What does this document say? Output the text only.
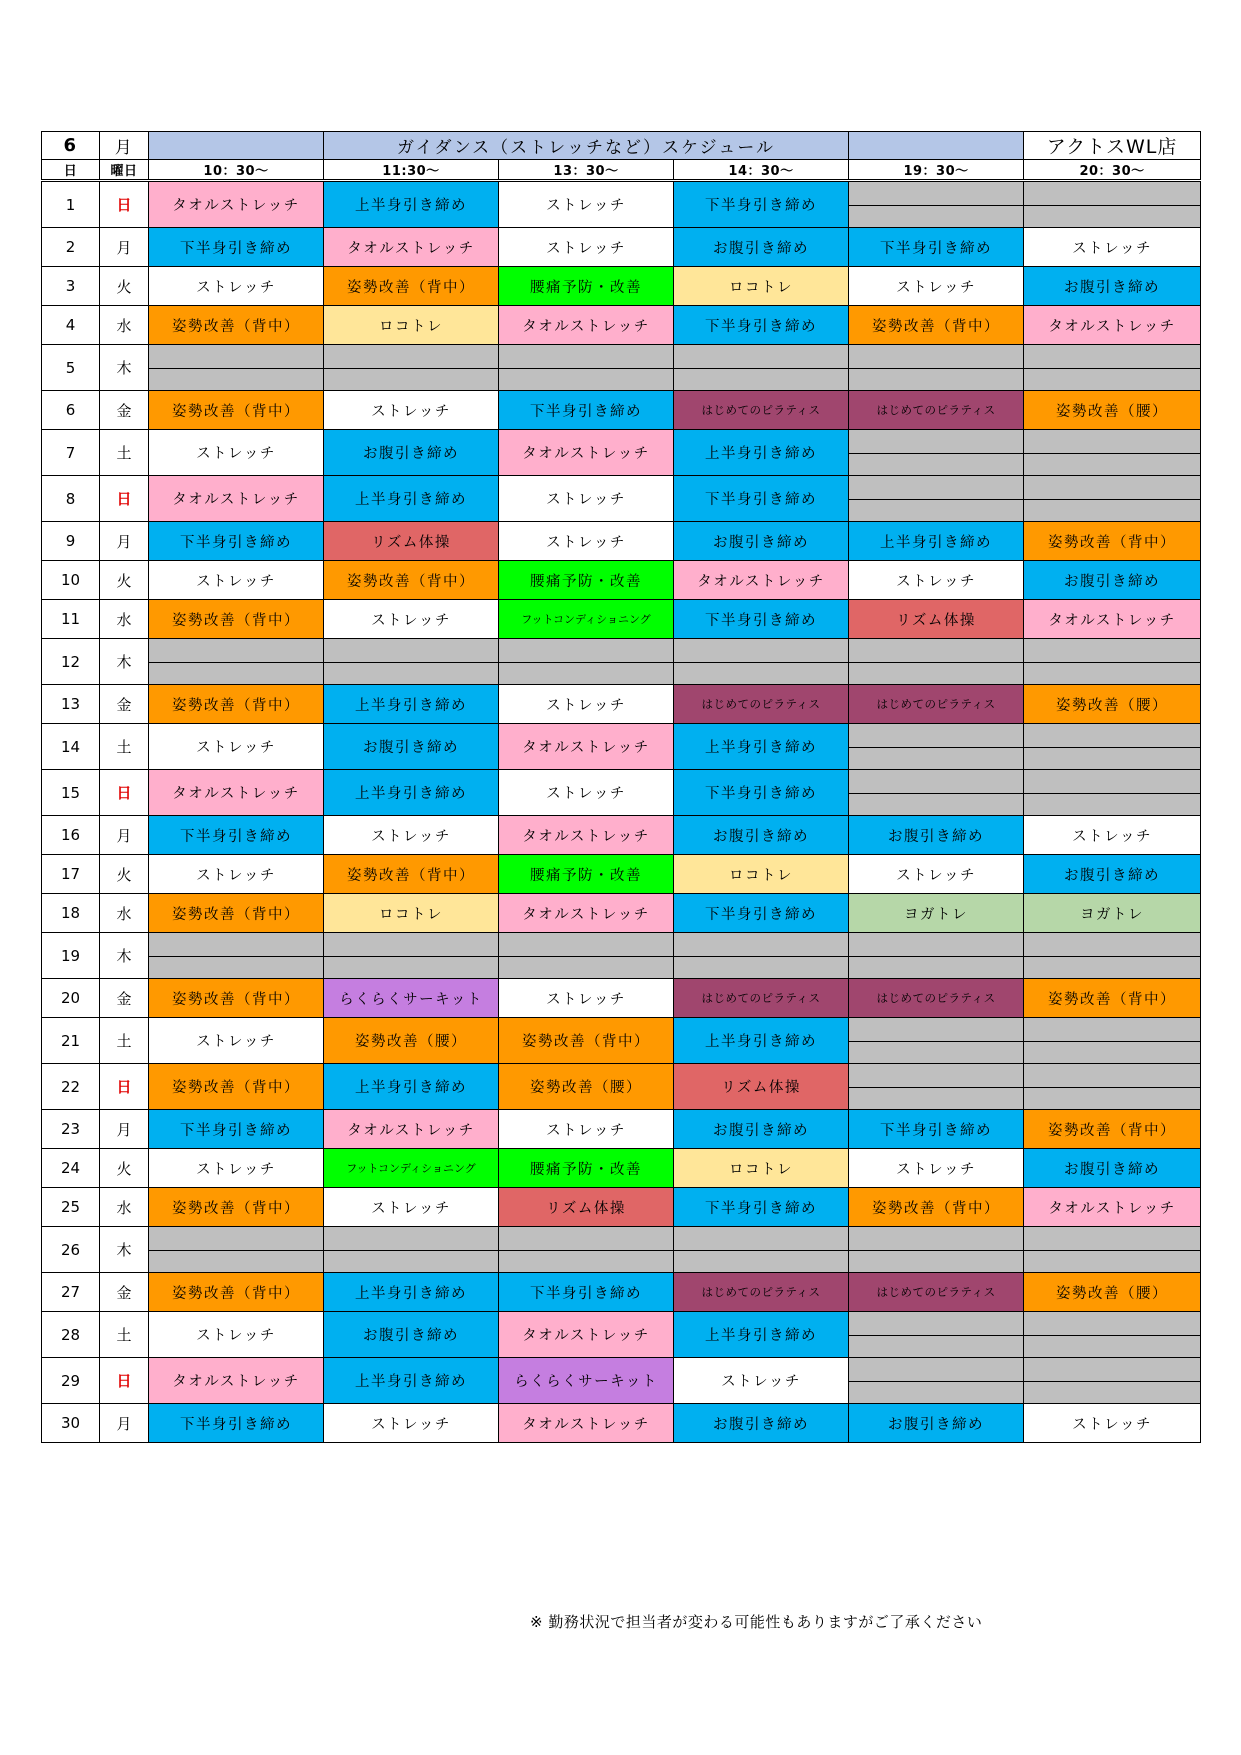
6	月		ガイダンス（ストレッチなど）スケジュール				アクトスWL店
日	曜日	10：30～	11:30～	13：30～	14：30～	19：30～	20：30～
1	日	タオルストレッチ	上半身引き締め	ストレッチ	下半身引き締め	

2	月	下半身引き締め	タオルストレッチ	ストレッチ	お腹引き締め	下半身引き締め	ストレッチ
3	火	ストレッチ	姿勢改善（背中）	腰痛予防・改善	ロコトレ	ストレッチ	お腹引き締め
4	水	姿勢改善（背中）	ロコトレ	タオルストレッチ	下半身引き締め	姿勢改善（背中）	タオルストレッチ
5	木	

6	金	姿勢改善（背中）	ストレッチ	下半身引き締め	はじめてのピラティス	はじめてのピラティス	姿勢改善（腰）
7	土	ストレッチ	お腹引き締め	タオルストレッチ	上半身引き締め	

8	日	タオルストレッチ	上半身引き締め	ストレッチ	下半身引き締め	

9	月	下半身引き締め	リズム体操	ストレッチ	お腹引き締め	上半身引き締め	姿勢改善（背中）
10	火	ストレッチ	姿勢改善（背中）	腰痛予防・改善	タオルストレッチ	ストレッチ	お腹引き締め
11	水	姿勢改善（背中）	ストレッチ	フットコンディショニング	下半身引き締め	リズム体操	タオルストレッチ
12	木	

13	金	姿勢改善（背中）	上半身引き締め	ストレッチ	はじめてのピラティス	はじめてのピラティス	姿勢改善（腰）
14	土	ストレッチ	お腹引き締め	タオルストレッチ	上半身引き締め	

15	日	タオルストレッチ	上半身引き締め	ストレッチ	下半身引き締め	

16	月	下半身引き締め	ストレッチ	タオルストレッチ	お腹引き締め	お腹引き締め	ストレッチ
17	火	ストレッチ	姿勢改善（背中）	腰痛予防・改善	ロコトレ	ストレッチ	お腹引き締め
18	水	姿勢改善（背中）	ロコトレ	タオルストレッチ	下半身引き締め	ヨガトレ	ヨガトレ
19	木	

20	金	姿勢改善（背中）	らくらくサーキット	ストレッチ	はじめてのピラティス	はじめてのピラティス	姿勢改善（背中）
21	土	ストレッチ	姿勢改善（腰）	姿勢改善（背中）	上半身引き締め	

22	日	姿勢改善（背中）	上半身引き締め	姿勢改善（腰）	リズム体操	

23	月	下半身引き締め	タオルストレッチ	ストレッチ	お腹引き締め	下半身引き締め	姿勢改善（背中）
24	火	ストレッチ	フットコンディショニング	腰痛予防・改善	ロコトレ	ストレッチ	お腹引き締め
25	水	姿勢改善（背中）	ストレッチ	リズム体操	下半身引き締め	姿勢改善（背中）	タオルストレッチ
26	木	

27	金	姿勢改善（背中）	上半身引き締め	下半身引き締め	はじめてのピラティス	はじめてのピラティス	姿勢改善（腰）
28	土	ストレッチ	お腹引き締め	タオルストレッチ	上半身引き締め	

29	日	タオルストレッチ	上半身引き締め	らくらくサーキット	ストレッチ	

30	月	下半身引き締め	ストレッチ	タオルストレッチ	お腹引き締め	お腹引き締め	ストレッチ
※ 勤務状況で担当者が変わる可能性もありますがご了承ください
